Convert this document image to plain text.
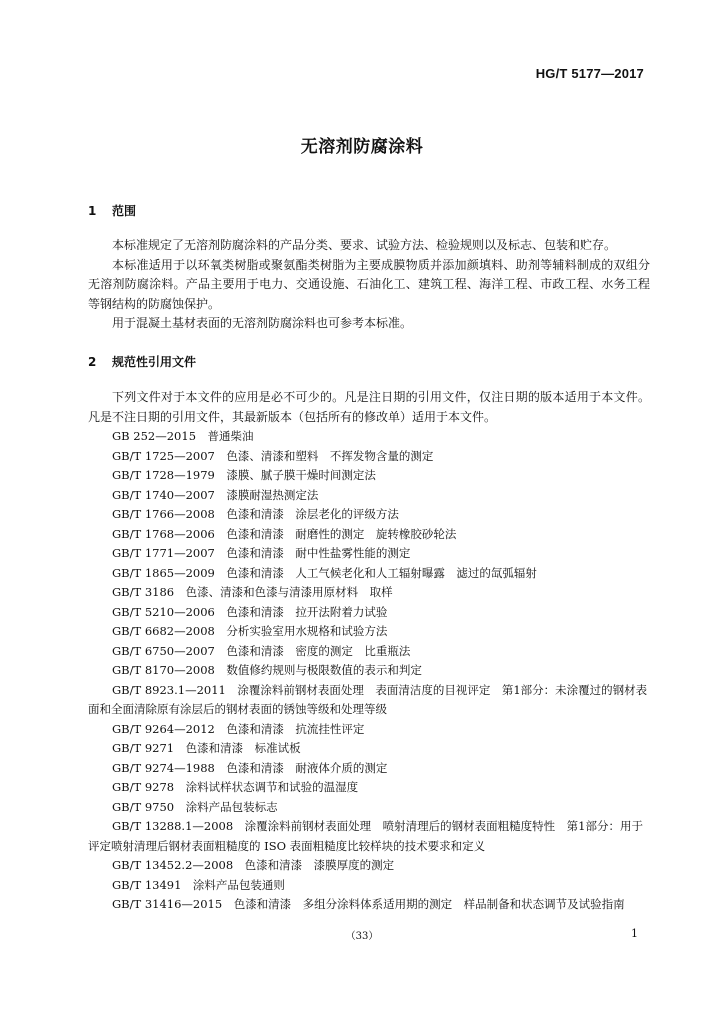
HG/T 5177—2017
无溶剂防腐涂料
1 范围

本标准规定了无溶剂防腐涂料的产品分类、要求、试验方法、检验规则以及标志、包装和贮存。

本标准适用于以环氧类树脂或聚氨酯类树脂为主要成膜物质并添加颜填料、助剂等辅料制成的双组分无溶剂防腐涂料。产品主要用于电力、交通设施、石油化工、建筑工程、海洋工程、市政工程、水务工程等钢结构的防腐蚀保护。

用于混凝土基材表面的无溶剂防腐涂料也可参考本标准。

2 规范性引用文件

下列文件对于本文件的应用是必不可少的。凡是注日期的引用文件，仅注日期的版本适用于本文件。凡是不注日期的引用文件，其最新版本（包括所有的修改单）适用于本文件。

GB 252—2015　普通柴油

GB/T 1725—2007　色漆、清漆和塑料　不挥发物含量的测定

GB/T 1728—1979　漆膜、腻子膜干燥时间测定法

GB/T 1740—2007　漆膜耐湿热测定法

GB/T 1766—2008　色漆和清漆　涂层老化的评级方法

GB/T 1768—2006　色漆和清漆　耐磨性的测定　旋转橡胶砂轮法

GB/T 1771—2007　色漆和清漆　耐中性盐雾性能的测定

GB/T 1865—2009　色漆和清漆　人工气候老化和人工辐射曝露　滤过的氙弧辐射

GB/T 3186　色漆、清漆和色漆与清漆用原材料　取样

GB/T 5210—2006　色漆和清漆　拉开法附着力试验

GB/T 6682—2008　分析实验室用水规格和试验方法

GB/T 6750—2007　色漆和清漆　密度的测定　比重瓶法

GB/T 8170—2008　数值修约规则与极限数值的表示和判定

GB/T 8923.1—2011　涂覆涂料前钢材表面处理　表面清洁度的目视评定　第1部分：未涂覆过的钢材表面和全面清除原有涂层后的钢材表面的锈蚀等级和处理等级

GB/T 9264—2012　色漆和清漆　抗流挂性评定

GB/T 9271　色漆和清漆　标准试板

GB/T 9274—1988　色漆和清漆　耐液体介质的测定

GB/T 9278　涂料试样状态调节和试验的温湿度

GB/T 9750　涂料产品包装标志

GB/T 13288.1—2008　涂覆涂料前钢材表面处理　喷射清理后的钢材表面粗糙度特性　第1部分：用于评定喷射清理后钢材表面粗糙度的 ISO 表面粗糙度比较样块的技术要求和定义

GB/T 13452.2—2008　色漆和清漆　漆膜厚度的测定

GB/T 13491　涂料产品包装通则

GB/T 31416—2015　色漆和清漆　多组分涂料体系适用期的测定　样品制备和状态调节及试验指南

（33）	1
